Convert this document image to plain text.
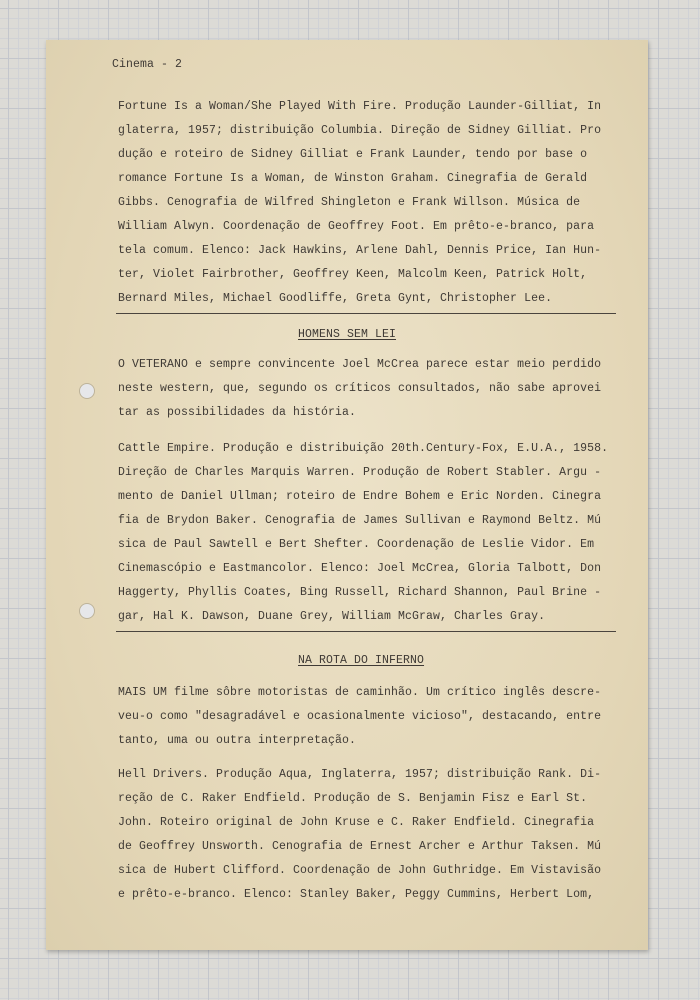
Cinema - 2
Fortune Is a Woman/She Played With Fire. Produção Launder-Gilliat, In
glaterra, 1957; distribuição Columbia. Direção de Sidney Gilliat. Pro
dução e roteiro de Sidney Gilliat e Frank Launder, tendo por base o
romance Fortune Is a Woman, de Winston Graham. Cinegrafia de Gerald
Gibbs. Cenografia de Wilfred Shingleton e Frank Willson. Música de
William Alwyn. Coordenação de Geoffrey Foot. Em prêto-e-branco, para
tela comum. Elenco: Jack Hawkins, Arlene Dahl, Dennis Price, Ian Hun-
ter, Violet Fairbrother, Geoffrey Keen, Malcolm Keen, Patrick Holt,
Bernard Miles, Michael Goodliffe, Greta Gynt, Christopher Lee.
HOMENS SEM LEI
O VETERANO e sempre convincente Joel McCrea parece estar meio perdido
neste western, que, segundo os críticos consultados, não sabe aprovei
tar as possibilidades da história.
Cattle Empire. Produção e distribuição 20th.Century-Fox, E.U.A., 1958.
Direção de Charles Marquis Warren. Produção de Robert Stabler. Argu -
mento de Daniel Ullman; roteiro de Endre Bohem e Eric Norden. Cinegra
fia de Brydon Baker. Cenografia de James Sullivan e Raymond Beltz. Mú
sica de Paul Sawtell e Bert Shefter. Coordenação de Leslie Vidor. Em
Cinemascópio e Eastmancolor. Elenco: Joel McCrea, Gloria Talbott, Don
Haggerty, Phyllis Coates, Bing Russell, Richard Shannon, Paul Brine -
gar, Hal K. Dawson, Duane Grey, William McGraw, Charles Gray.
NA ROTA DO INFERNO
MAIS UM filme sôbre motoristas de caminhão. Um crítico inglês descre-
veu-o como "desagradável e ocasionalmente vicioso", destacando, entre
tanto, uma ou outra interpretação.
Hell Drivers. Produção Aqua, Inglaterra, 1957; distribuição Rank. Di-
reção de C. Raker Endfield. Produção de S. Benjamin Fisz e Earl St.
John. Roteiro original de John Kruse e C. Raker Endfield. Cinegrafia
de Geoffrey Unsworth. Cenografia de Ernest Archer e Arthur Taksen. Mú
sica de Hubert Clifford. Coordenação de John Guthridge. Em Vistavisão
e prêto-e-branco. Elenco: Stanley Baker, Peggy Cummins, Herbert Lom,
